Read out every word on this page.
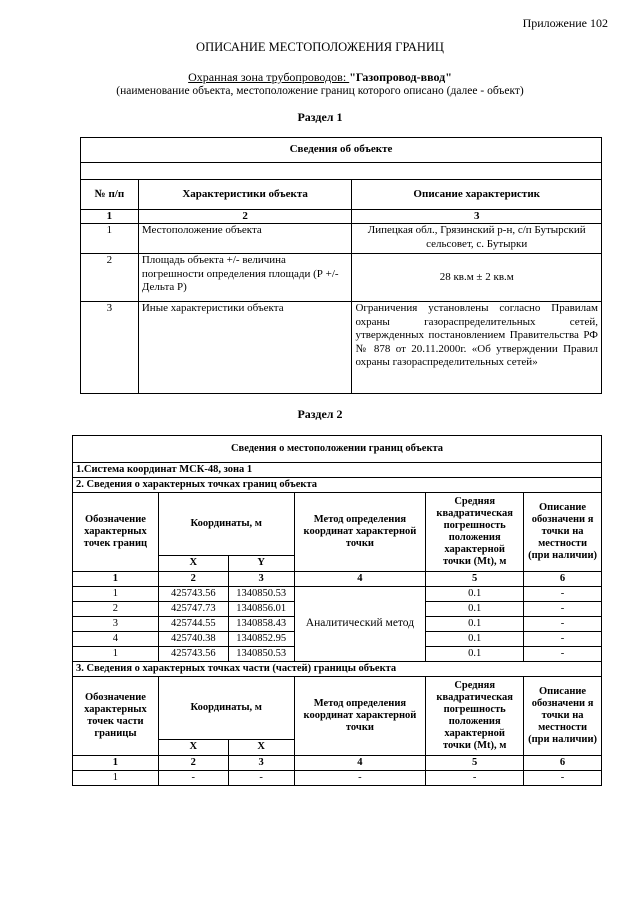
Приложение 102
ОПИСАНИЕ МЕСТОПОЛОЖЕНИЯ ГРАНИЦ
Охранная зона трубопроводов: "Газопровод-ввод"
(наименование объекта, местоположение границ которого описано (далее - объект)
Раздел 1
Сведения об объекте		

№ п/п	Характеристики объекта	Описание характеристик
1	2	3
1	Местоположение объекта	Липецкая обл., Грязинский р-н, с/п Бутырский сельсовет, с. Бутырки
2	Площадь объекта +/- величина погрешности определения площади (Р +/- Дельта Р)	28 кв.м ± 2 кв.м
3	Иные характеристики объекта	Ограничения установлены согласно Правилам охраны газораспределительных сетей, утвержденных постановлением Правительства РФ № 878 от 20.11.2000г. «Об утверждении Правил охраны газораспределительных сетей»
Раздел 2
Сведения о местоположении границ объекта					
1.Система координат МСК-48, зона 1					
2. Сведения о характерных точках границ объекта					
Обозначение характерных точек границ	Координаты, м		Метод определения координат характерной точки	Средняя квадратическая погрешность положения характерной точки (Mt), м	Описание обозначени я точки на местности (при наличии)
	X	Y			
1	2	3	4	5	6
1	425743.56	1340850.53	Аналитический метод	0.1	-
2	425747.73	1340856.01		0.1	-
3	425744.55	1340858.43		0.1	-
4	425740.38	1340852.95		0.1	-
1	425743.56	1340850.53		0.1	-
3. Сведения о характерных точках части (частей) границы объекта					
Обозначение характерных точек части границы	Координаты, м		Метод определения координат характерной точки	Средняя квадратическая погрешность положения характерной точки (Mt), м	Описание обозначени я точки на местности (при наличии)
	X	X			
1	2	3	4	5	6
1	-	-	-	-	-
